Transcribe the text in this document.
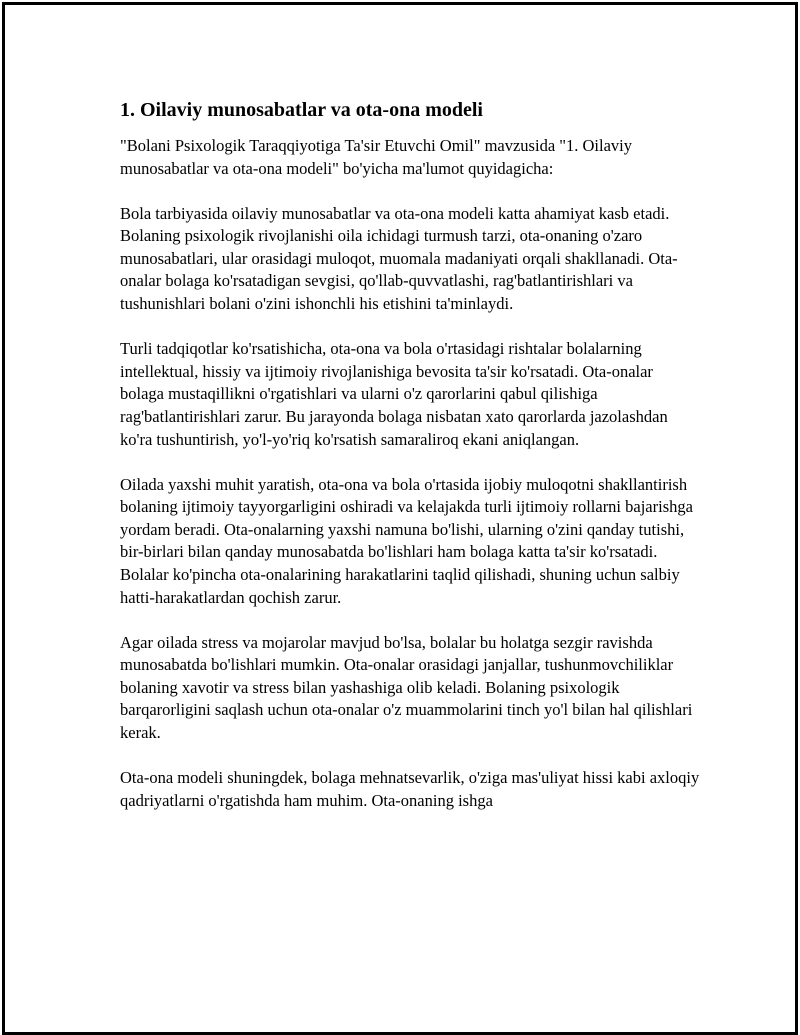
1. Oilaviy munosabatlar va ota-ona modeli

"Bolani Psixologik Taraqqiyotiga Ta'sir Etuvchi Omil" mavzusida "1. Oilaviy munosabatlar va ota-ona modeli" bo'yicha ma'lumot quyidagicha:

Bola tarbiyasida oilaviy munosabatlar va ota-ona modeli katta ahamiyat kasb etadi. Bolaning psixologik rivojlanishi oila ichidagi turmush tarzi, ota-onaning o'zaro munosabatlari, ular orasidagi muloqot, muomala madaniyati orqali shakllanadi. Ota-onalar bolaga ko'rsatadigan sevgisi, qo'llab-quvvatlashi, rag'batlantirishlari va tushunishlari bolani o'zini ishonchli his etishini ta'minlaydi.

Turli tadqiqotlar ko'rsatishicha, ota-ona va bola o'rtasidagi rishtalar bolalarning intellektual, hissiy va ijtimoiy rivojlanishiga bevosita ta'sir ko'rsatadi. Ota-onalar bolaga mustaqillikni o'rgatishlari va ularni o'z qarorlarini qabul qilishiga rag'batlantirishlari zarur. Bu jarayonda bolaga nisbatan xato qarorlarda jazolashdan ko'ra tushuntirish, yo'l-yo'riq ko'rsatish samaraliroq ekani aniqlangan.

Oilada yaxshi muhit yaratish, ota-ona va bola o'rtasida ijobiy muloqotni shakllantirish bolaning ijtimoiy tayyorgarligini oshiradi va kelajakda turli ijtimoiy rollarni bajarishga yordam beradi. Ota-onalarning yaxshi namuna bo'lishi, ularning o'zini qanday tutishi, bir-birlari bilan qanday munosabatda bo'lishlari ham bolaga katta ta'sir ko'rsatadi. Bolalar ko'pincha ota-onalarining harakatlarini taqlid qilishadi, shuning uchun salbiy hatti-harakatlardan qochish zarur.

Agar oilada stress va mojarolar mavjud bo'lsa, bolalar bu holatga sezgir ravishda munosabatda bo'lishlari mumkin. Ota-onalar orasidagi janjallar, tushunmovchiliklar bolaning xavotir va stress bilan yashashiga olib keladi. Bolaning psixologik barqarorligini saqlash uchun ota-onalar o'z muammolarini tinch yo'l bilan hal qilishlari kerak.

Ota-ona modeli shuningdek, bolaga mehnatsevarlik, o'ziga mas'uliyat hissi kabi axloqiy qadriyatlarni o'rgatishda ham muhim. Ota-onaning ishga
